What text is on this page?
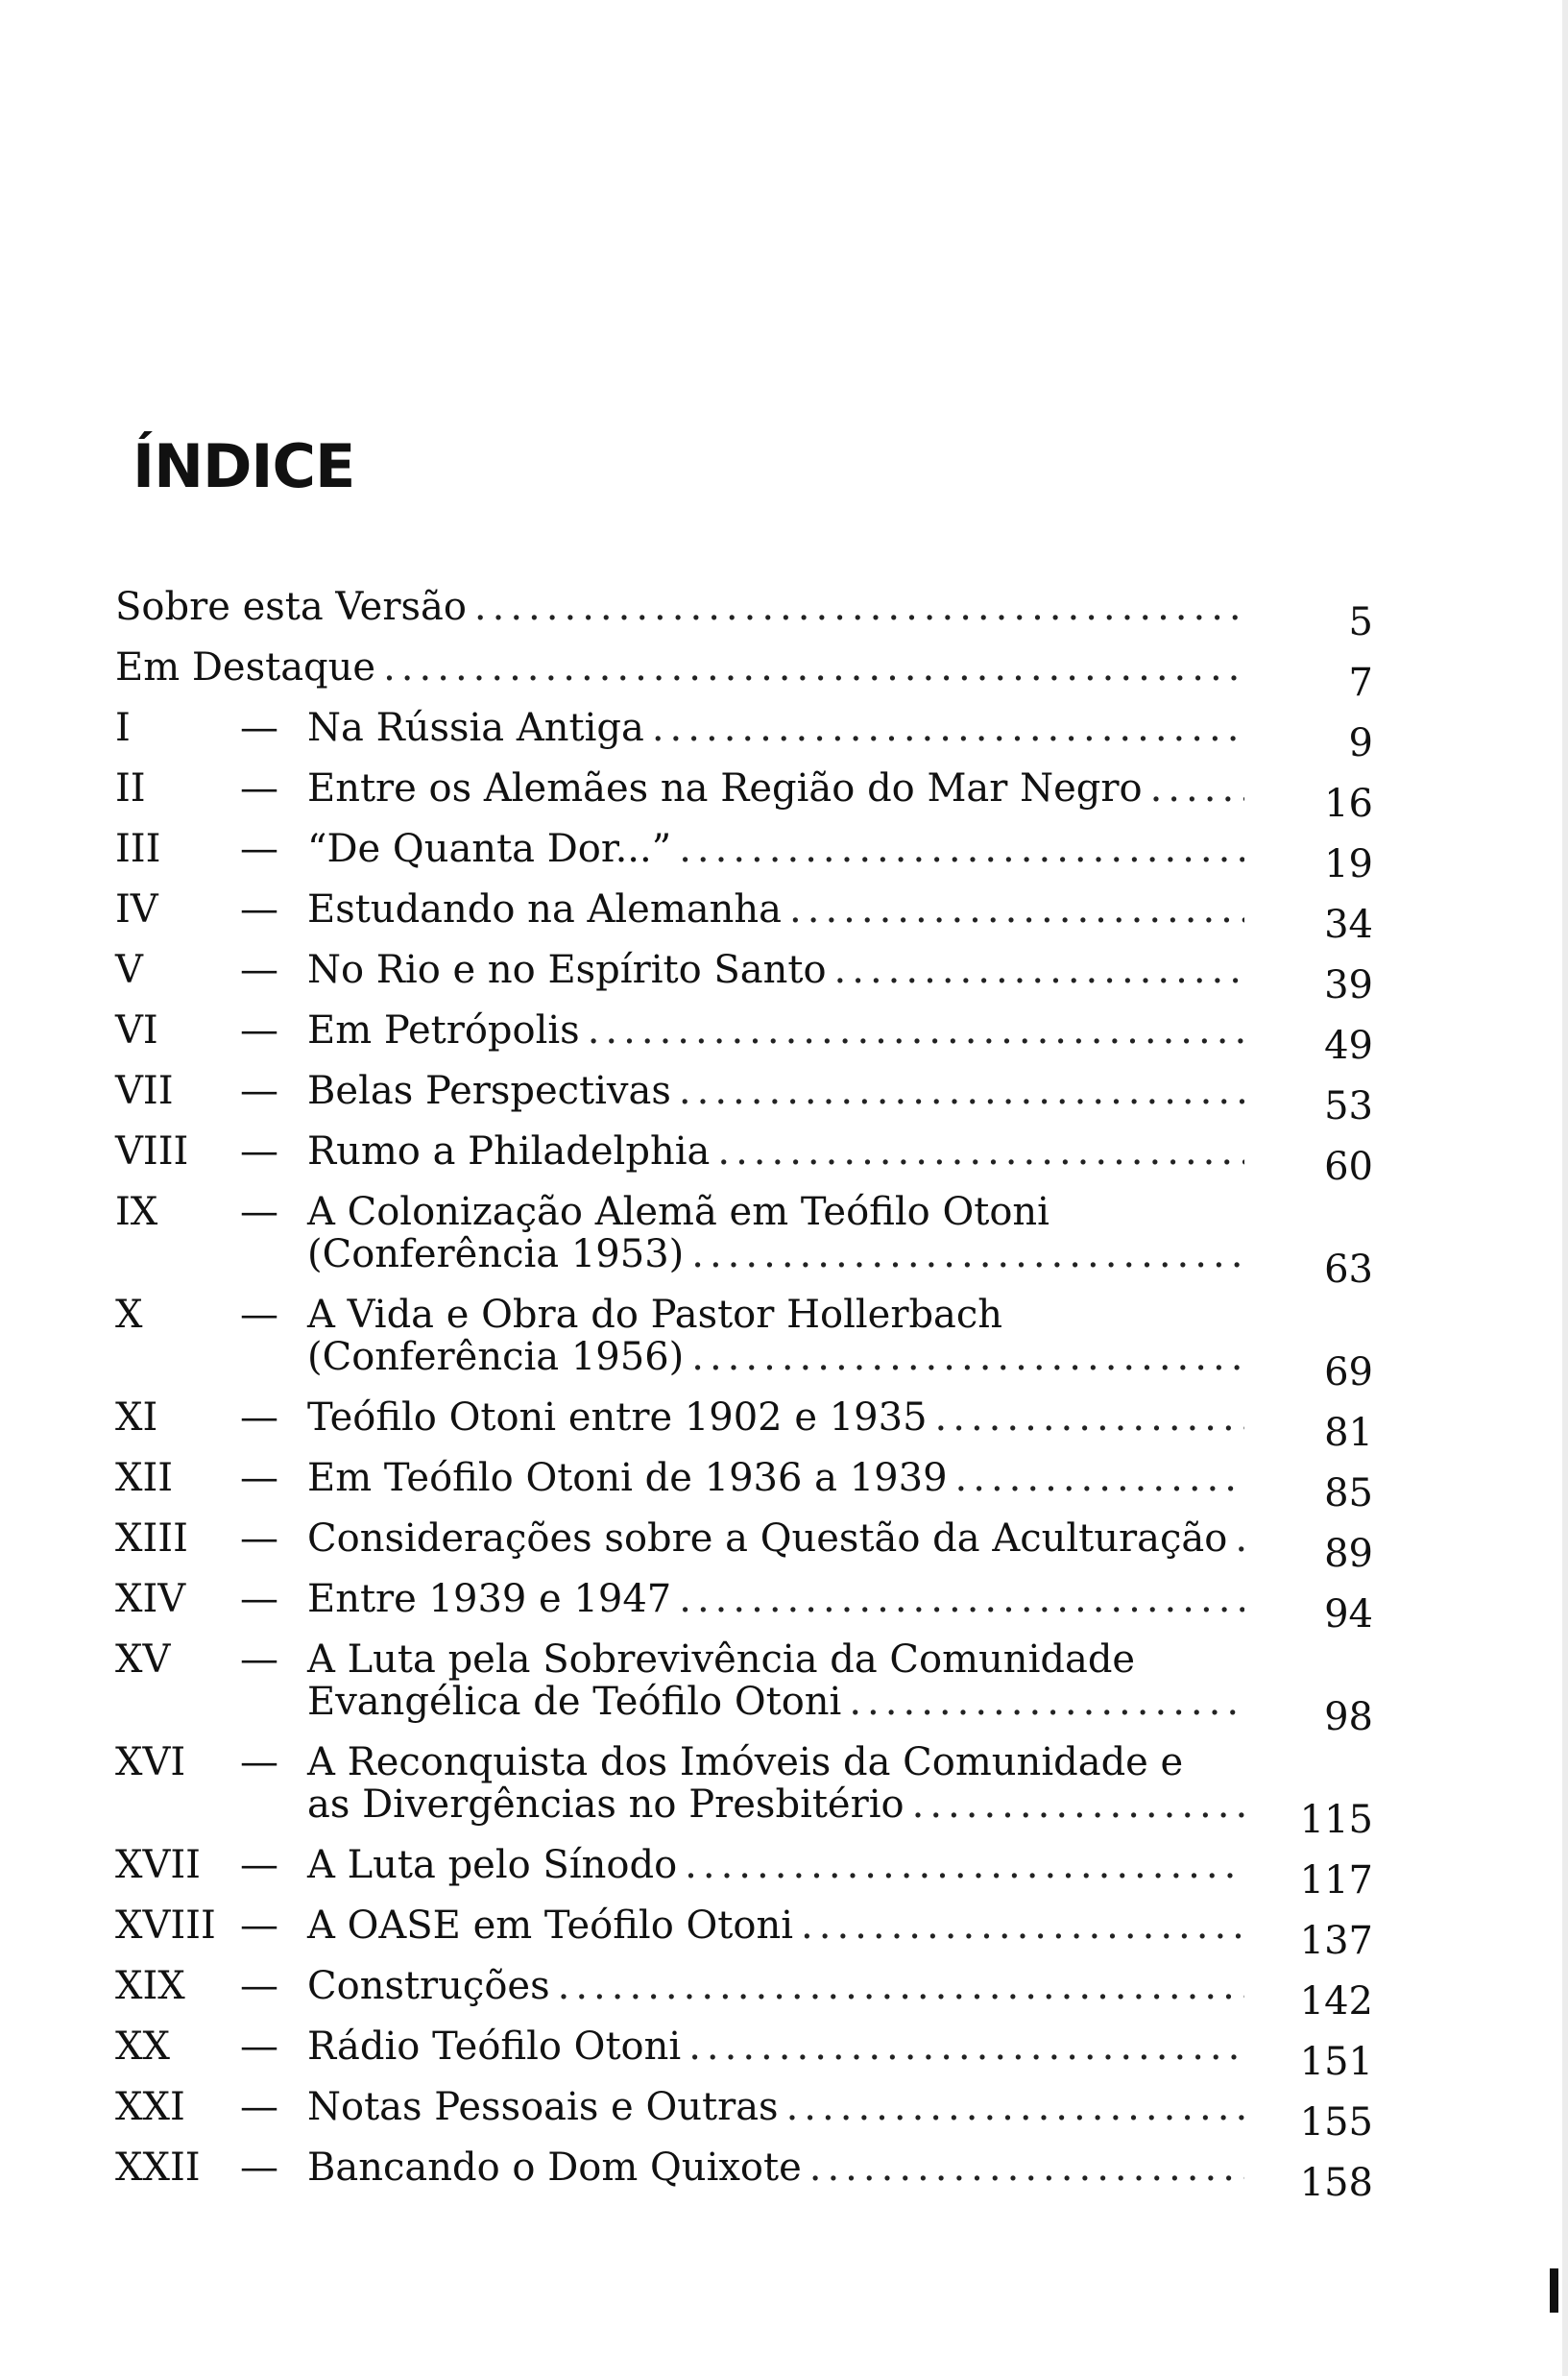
ÍNDICE
Sobre esta Versão .....	5
Em Destaque .....	7
I	— Na Rússia Antiga .....	9
II	— Entre os Alemães na Região do Mar Negro .....	16
III	— “De Quanta Dor...” .....	19
IV	— Estudando na Alemanha .....	34
V	— No Rio e no Espírito Santo .....	39
VI	— Em Petrópolis .....	49
VII	— Belas Perspectivas .....	53
VIII	— Rumo a Philadelphia .....	60
IX	— A Colonização Alemã em Teófilo Otoni
(Conferência 1953) .....	63
X	— A Vida e Obra do Pastor Hollerbach
(Conferência 1956) .....	69
XI	— Teófilo Otoni entre 1902 e 1935 .....	81
XII	— Em Teófilo Otoni de 1936 a 1939 .....	85
XIII	— Considerações sobre a Questão da Aculturação .....	89
XIV	— Entre 1939 e 1947 .....	94
XV	— A Luta pela Sobrevivência da Comunidade
Evangélica de Teófilo Otoni .....	98
XVI	— A Reconquista dos Imóveis da Comunidade e
as Divergências no Presbitério .....	115
XVII	— A Luta pelo Sínodo .....	117
XVIII — A OASE em Teófilo Otoni .....	137
XIX	— Construções .....	142
XX	— Rádio Teófilo Otoni .....	151
XXI	— Notas Pessoais e Outras .....	155
XXII	— Bancando o Dom Quixote .....	158
